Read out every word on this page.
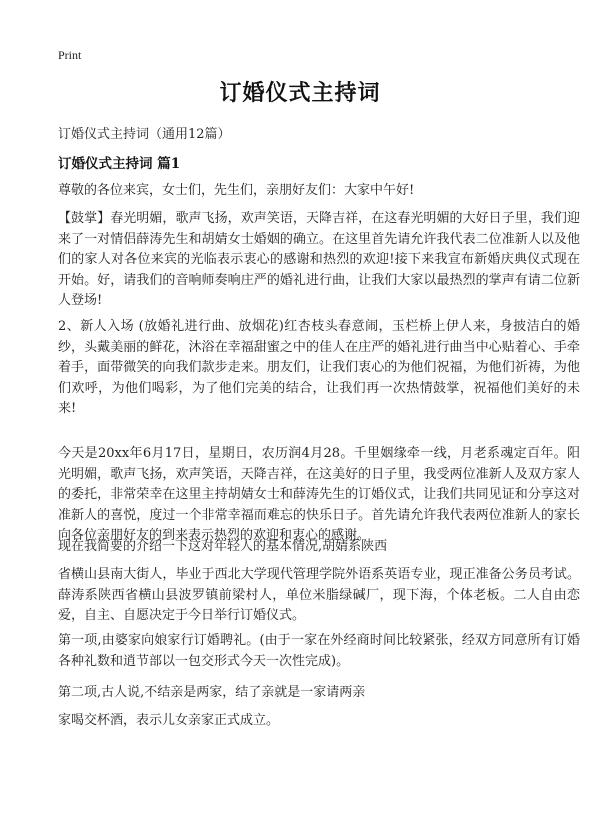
Print
订婚仪式主持词
订婚仪式主持词（通用12篇）
订婚仪式主持词 篇1

尊敬的各位来宾，女士们，先生们，亲朋好友们：大家中午好!

【鼓掌】春光明媚，歌声飞扬，欢声笑语，天降吉祥，在这春光明媚的大好日子里，我们迎来了一对情侣薛涛先生和胡婧女士婚姻的确立。在这里首先请允许我代表二位准新人以及他们的家人对各位来宾的光临表示衷心的感谢和热烈的欢迎!接下来我宣布新婚庆典仪式现在开始。好，请我们的音响师奏响庄严的婚礼进行曲，让我们大家以最热烈的掌声有请二位新人登场!

2、新人入场 (放婚礼进行曲、放烟花)红杏枝头春意闹，玉栏桥上伊人来，身披洁白的婚纱，头戴美丽的鲜花，沐浴在幸福甜蜜之中的佳人在庄严的婚礼进行曲当中心贴着心、手牵着手，面带微笑的向我们款步走来。朋友们，让我们衷心的为他们祝福，为他们祈祷，为他们欢呼，为他们喝彩，为了他们完美的结合，让我们再一次热情鼓掌，祝福他们美好的未来!

今天是20xx年6月17日，星期日，农历润4月28。千里姻缘牵一线，月老系魂定百年。阳光明媚，歌声飞扬，欢声笑语，天降吉祥，在这美好的日子里，我受两位准新人及双方家人的委托，非常荣幸在这里主持胡婧女士和薛涛先生的订婚仪式，让我们共同见证和分享这对准新人的喜悦，度过一个非常幸福而难忘的快乐日子。首先请允许我代表两位准新人的家长向各位亲朋好友的到来表示热烈的欢迎和衷心的感谢。

现在我简要的介绍一下这对年轻人的基本情况,胡婧系陕西

省横山县南大街人，毕业于西北大学现代管理学院外语系英语专业，现正准备公务员考试。薛涛系陕西省横山县波罗镇前梁村人，单位米脂绿碱厂，现下海，个体老板。二人自由恋爱，自主、自愿决定于今日举行订婚仪式。

第一项,由婆家向娘家行订婚聘礼。(由于一家在外经商时间比较紧张，经双方同意所有订婚各种礼数和逍节部以一包交形式今天一次性完成)。

第二项,古人说,不结亲是两家，结了亲就是一家请两亲

家喝交杯酒，表示儿女亲家正式成立。
